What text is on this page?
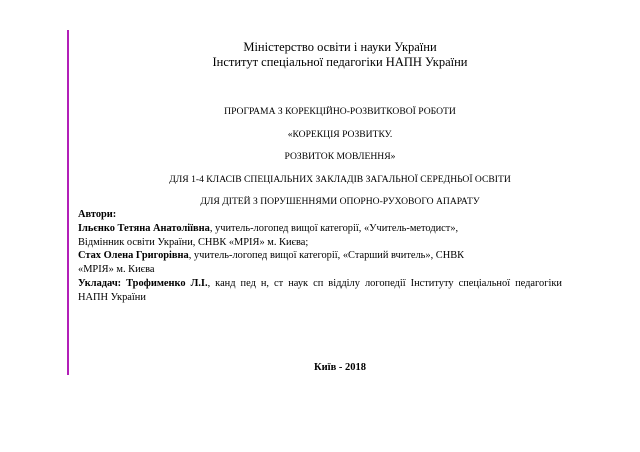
Міністерство освіти і науки України
Інститут спеціальної педагогіки НАПН України
ПРОГРАМА З КОРЕКЦІЙНО-РОЗВИТКОВОЇ РОБОТИ
«КОРЕКЦІЯ РОЗВИТКУ.
РОЗВИТОК МОВЛЕННЯ»
ДЛЯ 1-4 КЛАСІВ СПЕЦІАЛЬНИХ ЗАКЛАДІВ ЗАГАЛЬНОЇ СЕРЕДНЬОЇ ОСВІТИ
ДЛЯ ДІТЕЙ З ПОРУШЕННЯМИ ОПОРНО-РУХОВОГО АПАРАТУ

Автори:

Ільєнко Тетяна Анатоліївна, учитель-логопед вищої категорії, «Учитель-методист»,

Відмінник освіти України, СНВК «МРІЯ» м. Києва;

Стах Олена Григорівна, учитель-логопед вищої категорії, «Старший вчитель», СНВК

«МРІЯ» м. Києва

Укладач: Трофименко Л.І., канд пед н, ст наук сп відділу логопедії Інституту спеціальної педагогіки НАПН України

Київ - 2018
